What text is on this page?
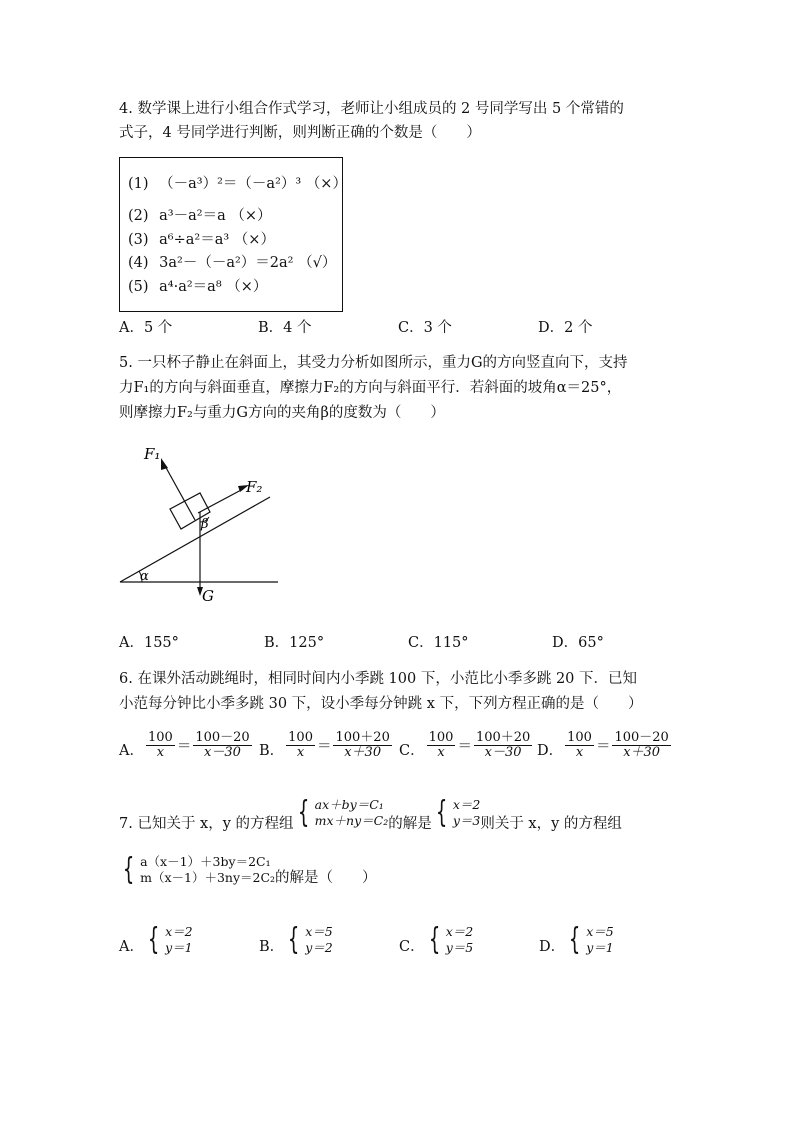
4. 数学课上进行小组合作式学习，老师让小组成员的 2 号同学写出 5 个常错的
式子，4 号同学进行判断，则判断正确的个数是（　　）
(1) （－a³）²＝（－a²）³ （×）
(2) a³－a²＝a （×）
(3) a⁶÷a²＝a³ （×）
(4) 3a²－（－a²）＝2a² （√）
(5) a⁴·a²＝a⁸ （×）
A．5 个	B．4 个	C．3 个	D．2 个
5. 一只杯子静止在斜面上，其受力分析如图所示，重力G的方向竖直向下，支持
力F₁的方向与斜面垂直，摩擦力F₂的方向与斜面平行．若斜面的坡角α＝25°，
则摩擦力F₂与重力G方向的夹角β的度数为（　　）
F₁
F₂
β
α
G
A．155°	B．125°	C．115°	D．65°
6. 在课外活动跳绳时，相同时间内小季跳 100 下，小范比小季多跳 20 下．已知
小范每分钟比小季多跳 30 下，设小季每分钟跳 x 下，下列方程正确的是（　　）
A． $\frac{100}{x} = \frac{100-20}{x-30}$ B． $\frac{100}{x} = \frac{100+20}{x+30}$ C． $\frac{100}{x} = \frac{100+20}{x-30}$ D． $\frac{100}{x} = \frac{100-20}{x+30}$
7. 已知关于 x，y 的方程组 { ax＋by＝C₁
mx＋ny＝C₂ 的解是 { x＝2
y＝3 则关于 x，y 的方程组
{ a（x－1）＋3by＝2C₁
m（x－1）＋3ny＝2C₂ 的解是（　　）
A． { x＝2
y＝1	B． { x＝5
y＝2	C． { x＝2
y＝5	D． { x＝5
y＝1
